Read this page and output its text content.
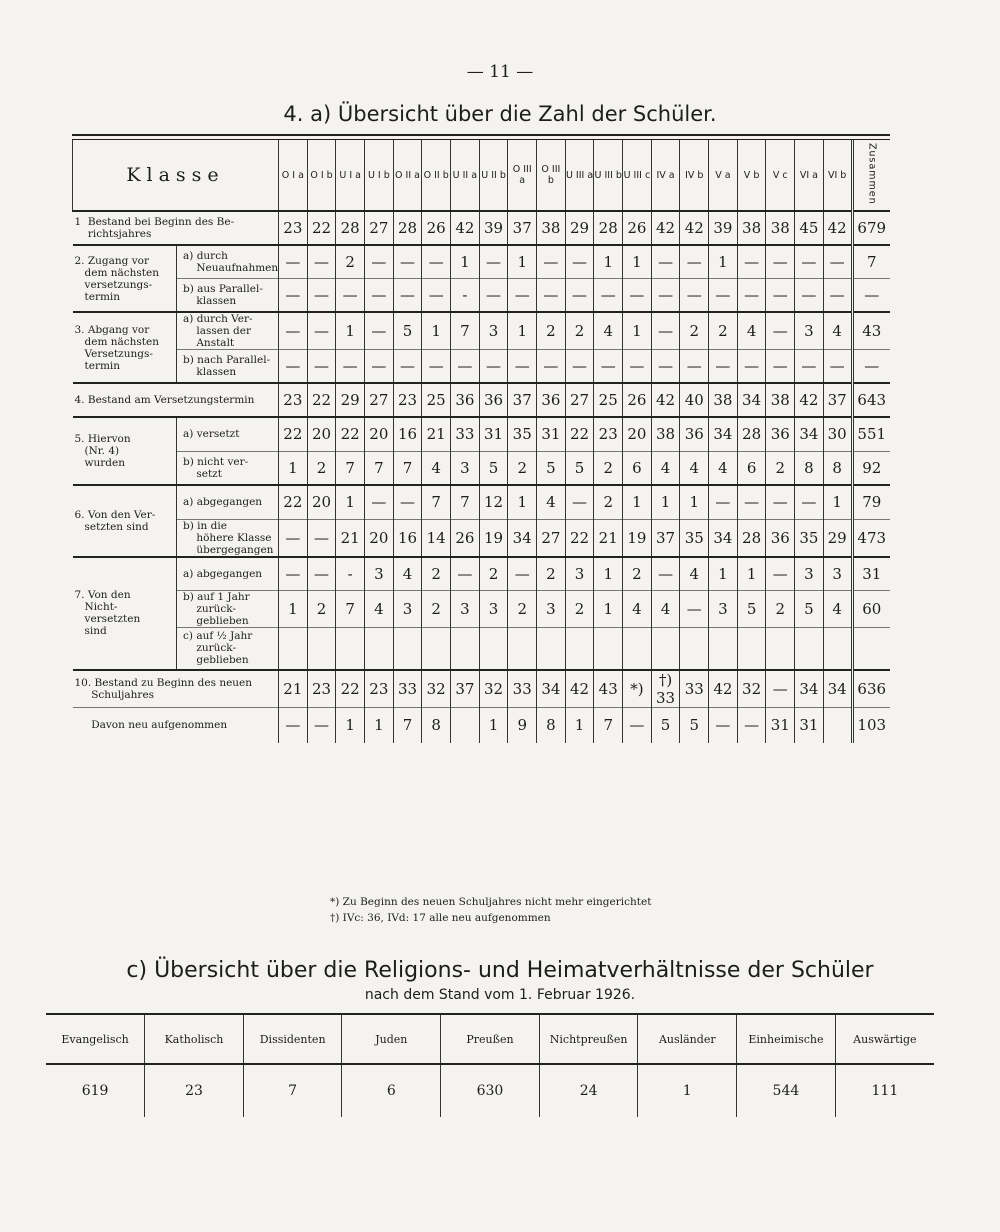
— 11 —
4. a) Übersicht über die Zahl der Schüler.
Klasse		O I a	O I b	U I a	U I b	O II a	O II b	U II a	U II b	O III a	O III b	U III a	U III b	U III c	IV a	IV b	V a	V b	V c	VI a	VI b	Zusammen
1  Bestand bei Beginn des Be-
richtsjahres		23	22	28	27	28	26	42	39	37	38	29	28	26	42	42	39	38	38	45	42	679
2. Zugang vor
dem nächsten
versetzungs-
termin	a) durch
Neuaufnahmen	—	—	2	—	—	—	1	—	1	—	—	1	1	—	—	1	—	—	—	—	7
	b) aus Parallel-
klassen	—	—	—	—	—	—	-	—	—	—	—	—	—	—	—	—	—	—	—	—	—
3. Abgang vor
dem nächsten
Versetzungs-
termin	a) durch Ver-
lassen der
Anstalt	—	—	1	—	5	1	7	3	1	2	2	4	1	—	2	2	4	—	3	4	43
	b) nach Parallel-
klassen	—	—	—	—	—	—	—	—	—	—	—	—	—	—	—	—	—	—	—	—	—
4. Bestand am Versetzungstermin		23	22	29	27	23	25	36	36	37	36	27	25	26	42	40	38	34	38	42	37	643
5. Hiervon
(Nr. 4)
wurden	a) versetzt	22	20	22	20	16	21	33	31	35	31	22	23	20	38	36	34	28	36	34	30	551
	b) nicht ver-
setzt	1	2	7	7	7	4	3	5	2	5	5	2	6	4	4	4	6	2	8	8	92
6. Von den Ver-
setzten sind	a) abgegangen	22	20	1	—	—	7	7	12	1	4	—	2	1	1	1	—	—	—	—	1	79
	b) in die
höhere Klasse
übergegangen	—	—	21	20	16	14	26	19	34	27	22	21	19	37	35	34	28	36	35	29	473
7. Von den
Nicht-
versetzten
sind	a) abgegangen	—	—	-	3	4	2	—	2	—	2	3	1	2	—	4	1	1	—	3	3	31
	b) auf 1 Jahr
zurück-
geblieben	1	2	7	4	3	2	3	3	2	3	2	1	4	4	—	3	5	2	5	4	60
	c) auf ½ Jahr
zurück-
geblieben																					
10. Bestand zu Beginn des neuen
Schuljahres		21	23	22	23	33	32	37	32	33	34	42	43	*)	†) 33	33	42	32	—	34	34	636
Davon neu aufgenommen		—	—	1	1	7	8		1	9	8	1	7	—	5	5	—	—	31	31		103
*) Zu Beginn des neuen Schuljahres nicht mehr eingerichtet
†) IVc: 36, IVd: 17 alle neu aufgenommen
c) Übersicht über die Religions- und Heimatverhältnisse der Schüler
nach dem Stand vom 1. Februar 1926.
Evangelisch	Katholisch	Dissidenten	Juden	Preußen	Nichtpreußen	Ausländer	Einheimische	Auswärtige
619	23	7	6	630	24	1	544	111
